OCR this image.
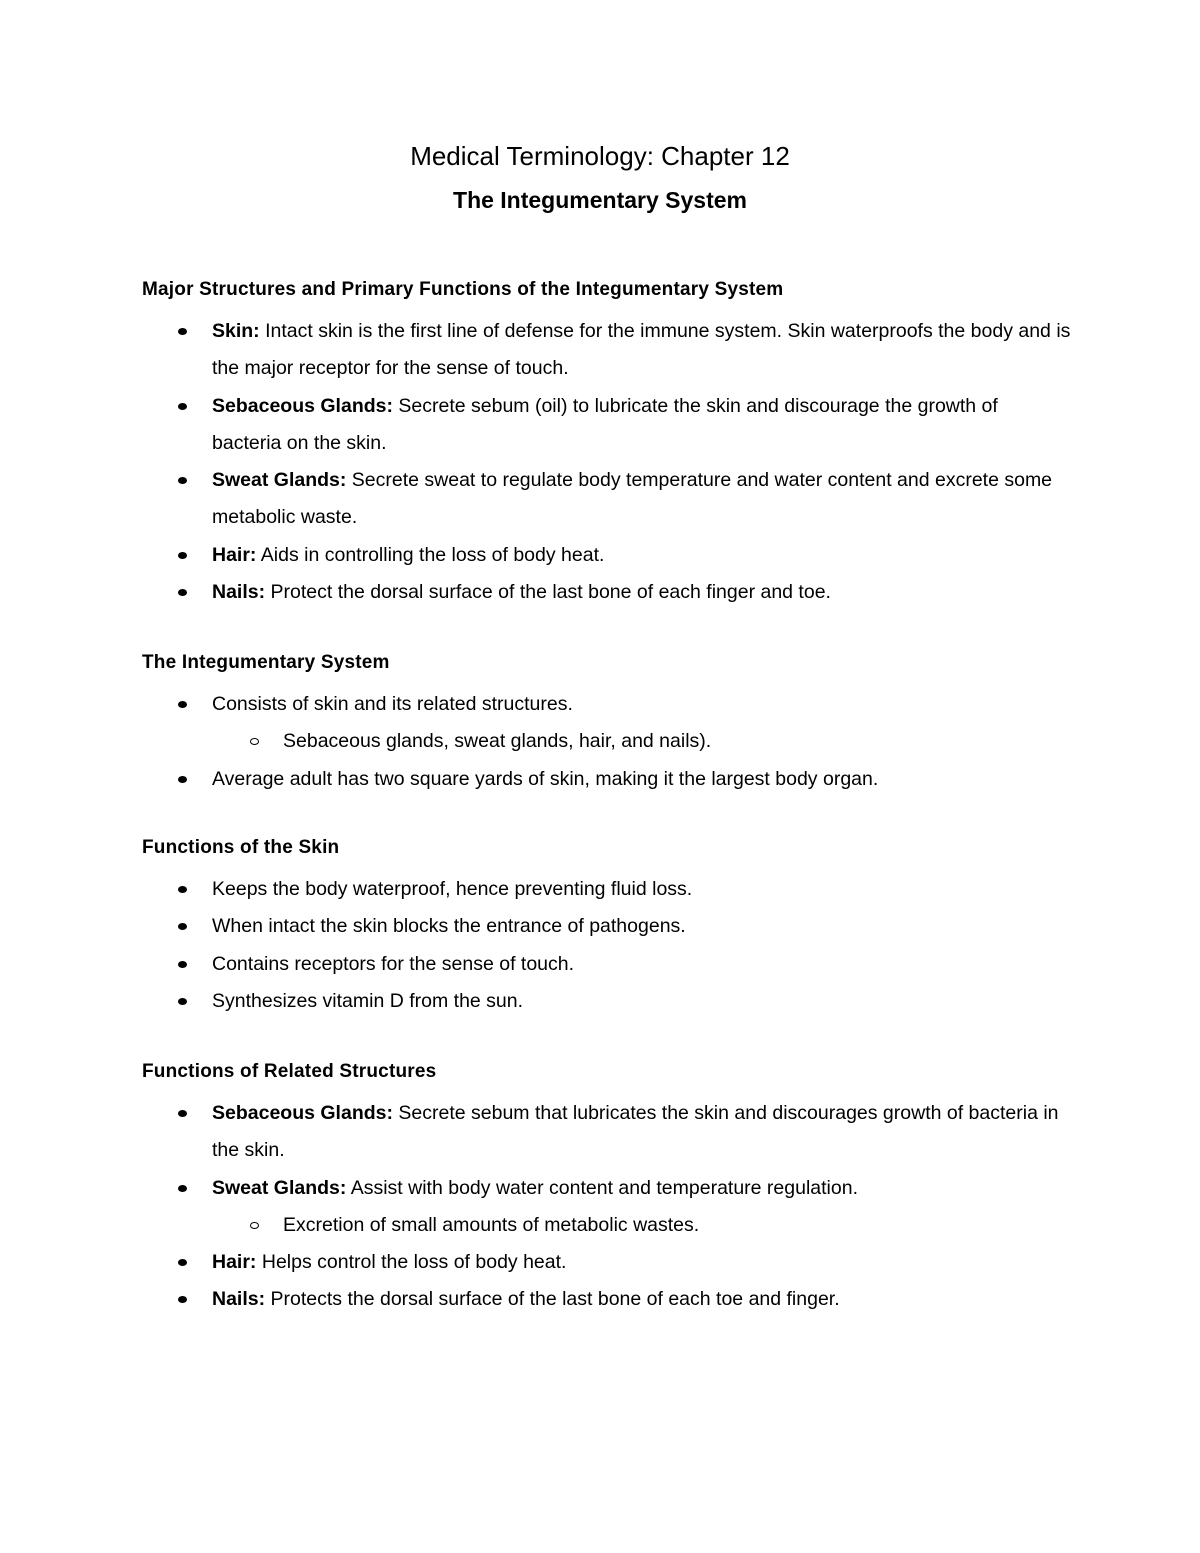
Medical Terminology: Chapter 12
The Integumentary System
Major Structures and Primary Functions of the Integumentary System
Skin: Intact skin is the first line of defense for the immune system. Skin waterproofs the body and is the major receptor for the sense of touch.
Sebaceous Glands: Secrete sebum (oil) to lubricate the skin and discourage the growth of bacteria on the skin.
Sweat Glands: Secrete sweat to regulate body temperature and water content and excrete some metabolic waste.
Hair: Aids in controlling the loss of body heat.
Nails: Protect the dorsal surface of the last bone of each finger and toe.
The Integumentary System
Consists of skin and its related structures.
Sebaceous glands, sweat glands, hair, and nails).
Average adult has two square yards of skin, making it the largest body organ.
Functions of the Skin
Keeps the body waterproof, hence preventing fluid loss.
When intact the skin blocks the entrance of pathogens.
Contains receptors for the sense of touch.
Synthesizes vitamin D from the sun.
Functions of Related Structures
Sebaceous Glands: Secrete sebum that lubricates the skin and discourages growth of bacteria in the skin.
Sweat Glands: Assist with body water content and temperature regulation.
Excretion of small amounts of metabolic wastes.
Hair: Helps control the loss of body heat.
Nails: Protects the dorsal surface of the last bone of each toe and finger.
